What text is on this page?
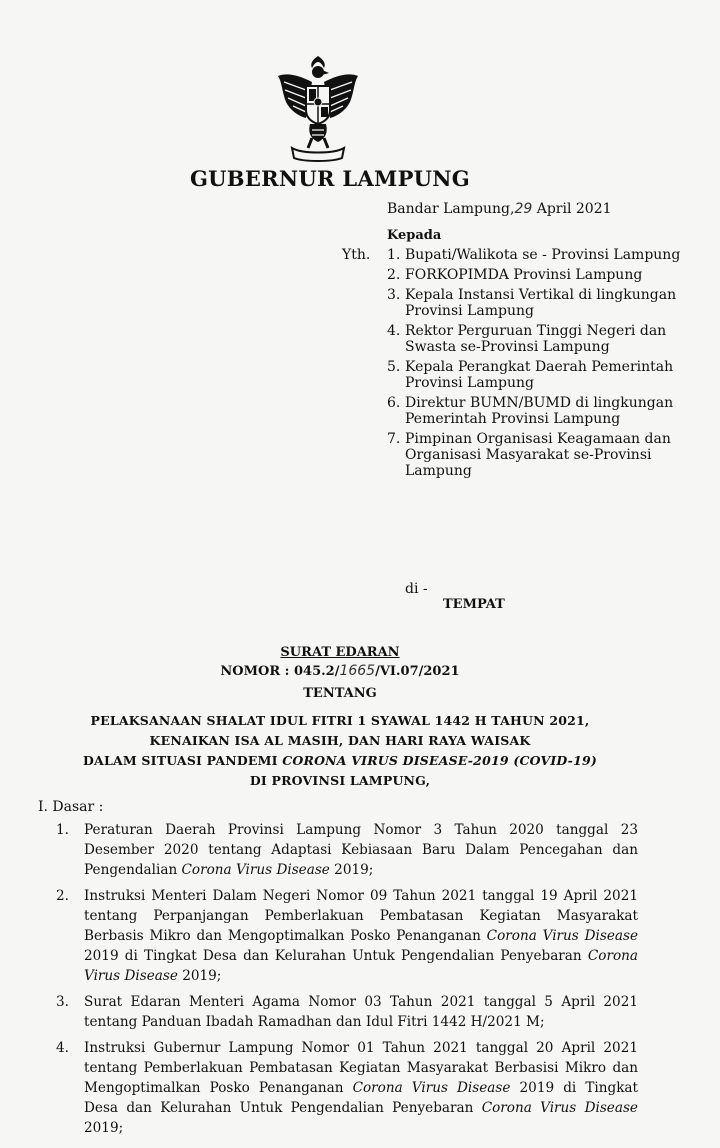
GUBERNUR LAMPUNG
Bandar Lampung,29 April 2021
Kepada
Yth. 1. Bupati/Walikota se - Provinsi Lampung
2. FORKOPIMDA Provinsi Lampung
3. Kepala Instansi Vertikal di lingkungan Provinsi Lampung
4. Rektor Perguruan Tinggi Negeri dan Swasta se-Provinsi Lampung
5. Kepala Perangkat Daerah Pemerintah Provinsi Lampung
6. Direktur BUMN/BUMD di lingkungan Pemerintah Provinsi Lampung
7. Pimpinan Organisasi Keagamaan dan Organisasi Masyarakat se-Provinsi Lampung
di -
TEMPAT
SURAT EDARAN
NOMOR : 045.2/1665/VI.07/2021
TENTANG
PELAKSANAAN SHALAT IDUL FITRI 1 SYAWAL 1442 H TAHUN 2021,
KENAIKAN ISA AL MASIH, DAN HARI RAYA WAISAK
DALAM SITUASI PANDEMI CORONA VIRUS DISEASE-2019 (COVID-19)
DI PROVINSI LAMPUNG,
I. Dasar :
1.	Peraturan Daerah Provinsi Lampung Nomor 3 Tahun 2020 tanggal 23 Desember 2020 tentang Adaptasi Kebiasaan Baru Dalam Pencegahan dan Pengendalian Corona Virus Disease 2019;
2.	Instruksi Menteri Dalam Negeri Nomor 09 Tahun 2021 tanggal 19 April 2021 tentang Perpanjangan Pemberlakuan Pembatasan Kegiatan Masyarakat Berbasis Mikro dan Mengoptimalkan Posko Penanganan Corona Virus Disease 2019 di Tingkat Desa dan Kelurahan Untuk Pengendalian Penyebaran Corona Virus Disease 2019;
3.	Surat Edaran Menteri Agama Nomor 03 Tahun 2021 tanggal 5 April 2021 tentang Panduan Ibadah Ramadhan dan Idul Fitri 1442 H/2021 M;
4.	Instruksi Gubernur Lampung Nomor 01 Tahun 2021 tanggal 20 April 2021 tentang Pemberlakuan Pembatasan Kegiatan Masyarakat Berbasisi Mikro dan Mengoptimalkan Posko Penanganan Corona Virus Disease 2019 di Tingkat Desa dan Kelurahan Untuk Pengendalian Penyebaran Corona Virus Disease 2019;
